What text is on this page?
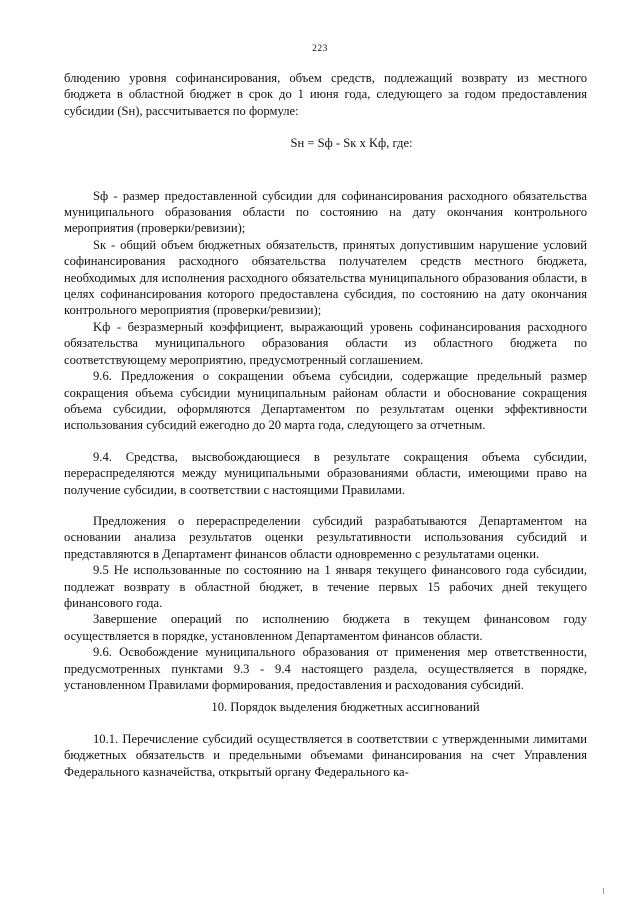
223

блюдению уровня софинансирования, объем средств, подлежащий возврату из местного бюджета в областной бюджет в срок до 1 июня года, следующего за годом предоставления субсидии (Sн), рассчитывается по формуле:

Sн = Sф - Sк x Kф, где:

Sф - размер предоставленной субсидии для софинансирования расходного обязательства муниципального образования области по состоянию на дату окончания контрольного мероприятия (проверки/ревизии);

Sк - общий объем бюджетных обязательств, принятых допустившим нарушение условий софинансирования расходного обязательства получателем средств местного бюджета, необходимых для исполнения расходного обязательства муниципального образования области, в целях софинансирования которого предоставлена субсидия, по состоянию на дату окончания контрольного мероприятия (проверки/ревизии);

Kф - безразмерный коэффициент, выражающий уровень софинансирования расходного обязательства муниципального образования области из областного бюджета по соответствующему мероприятию, предусмотренный соглашением.

9.6. Предложения о сокращении объема субсидии, содержащие предельный размер сокращения объема субсидии муниципальным районам области и обоснование сокращения объема субсидии, оформляются Департаментом по результатам оценки эффективности использования субсидий ежегодно до 20 марта года, следующего за отчетным.

9.4. Средства, высвобождающиеся в результате сокращения объема субсидии, перераспределяются между муниципальными образованиями области, имеющими право на получение субсидии, в соответствии с настоящими Правилами.

Предложения о перераспределении субсидий разрабатываются Департаментом на основании анализа результатов оценки результативности использования субсидий и представляются в Департамент финансов области одновременно с результатами оценки.

9.5 Не использованные по состоянию на 1 января текущего финансового года субсидии, подлежат возврату в областной бюджет, в течение первых 15 рабочих дней текущего финансового года.

Завершение операций по исполнению бюджета в текущем финансовом году осуществляется в порядке, установленном Департаментом финансов области.

9.6. Освобождение муниципального образования от применения мер ответственности, предусмотренных пунктами 9.3 - 9.4 настоящего раздела, осуществляется в порядке, установленном Правилами формирования, предоставления и расходования субсидий.

10. Порядок выделения бюджетных ассигнований

10.1. Перечисление субсидий осуществляется в соответствии с утвержденными лимитами бюджетных обязательств и предельными объемами финансирования на счет Управления Федерального казначейства, открытый органу Федерального ка-
